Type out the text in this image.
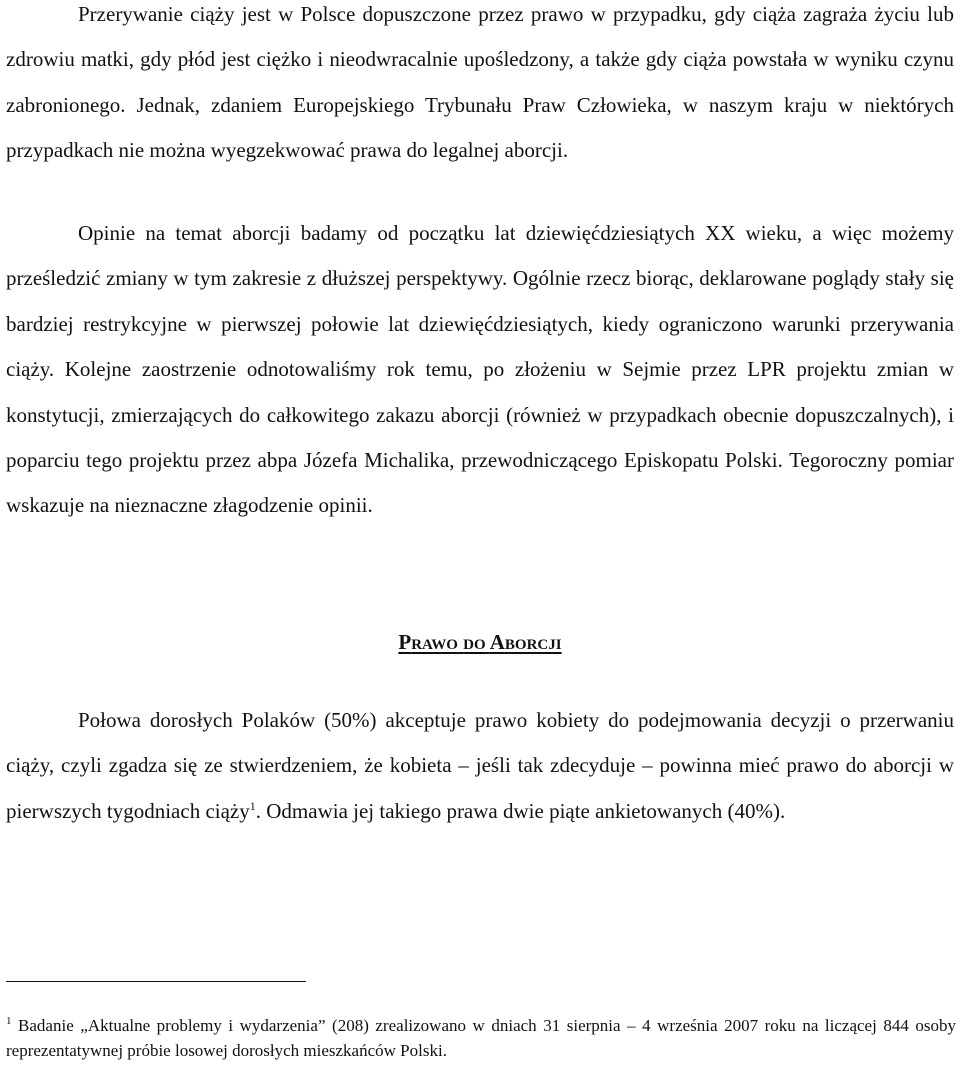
Przerywanie ciąży jest w Polsce dopuszczone przez prawo w przypadku, gdy ciąża zagraża życiu lub zdrowiu matki, gdy płód jest ciężko i nieodwracalnie upośledzony, a także gdy ciąża powstała w wyniku czynu zabronionego. Jednak, zdaniem Europejskiego Trybunału Praw Człowieka, w naszym kraju w niektórych przypadkach nie można wyegzekwować prawa do legalnej aborcji.

Opinie na temat aborcji badamy od początku lat dziewięćdziesiątych XX wieku, a więc możemy prześledzić zmiany w tym zakresie z dłuższej perspektywy. Ogólnie rzecz biorąc, deklarowane poglądy stały się bardziej restrykcyjne w pierwszej połowie lat dziewięćdziesiątych, kiedy ograniczono warunki przerywania ciąży. Kolejne zaostrzenie odnotowaliśmy rok temu, po złożeniu w Sejmie przez LPR projektu zmian w konstytucji, zmierzających do całkowitego zakazu aborcji (również w przypadkach obecnie dopuszczalnych), i poparciu tego projektu przez abpa Józefa Michalika, przewodniczącego Episkopatu Polski. Tegoroczny pomiar wskazuje na nieznaczne złagodzenie opinii.

PRAWO DO ABORCJI

Połowa dorosłych Polaków (50%) akceptuje prawo kobiety do podejmowania decyzji o przerwaniu ciąży, czyli zgadza się ze stwierdzeniem, że kobieta – jeśli tak zdecyduje – powinna mieć prawo do aborcji w pierwszych tygodniach ciąży$^1$. Odmawia jej takiego prawa dwie piąte ankietowanych (40%).

$^1$ Badanie „Aktualne problemy i wydarzenia” (208) zrealizowano w dniach 31 sierpnia – 4 września 2007 roku na liczącej 844 osoby reprezentatywnej próbie losowej dorosłych mieszkańców Polski.
